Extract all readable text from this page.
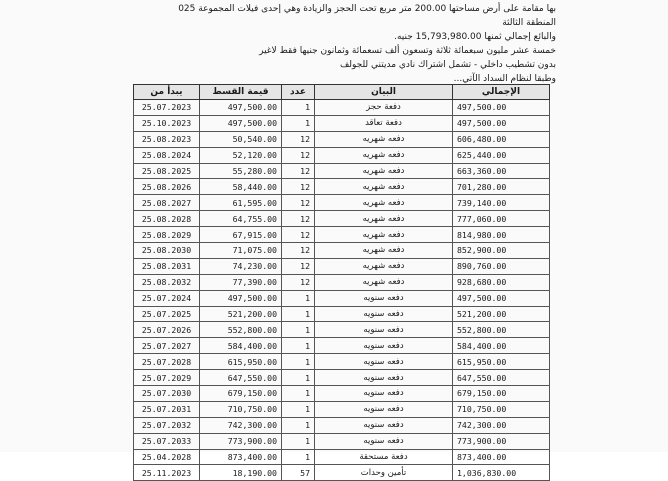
بها مقامة على أرض مساحتها 200.00 متر مربع تحت الحجز والزيادة وهي إحدى فيلات المجموعة 025
المنطقة الثالثة
والبائع إجمالي ثمنها 15,793,980.00 جنيه.
خمسة عشر مليون سبعمائة ثلاثة وتسعون ألف تسعمائة وثمانون جنيها فقط لاغير
بدون تشطيب داخلي - تشمل اشتراك نادي مديتني للجولف
وطبقا لنظام السداد الآتي...
يبدأ من	قيمة القسط	عدد	البيان	الإجمالي
25.07.2023	497,500.00	1	دفعة حجز	497,500.00
25.10.2023	497,500.00	1	دفعة تعاقد	497,500.00
25.08.2023	50,540.00	12	دفعه شهريه	606,480.00
25.08.2024	52,120.00	12	دفعه شهريه	625,440.00
25.08.2025	55,280.00	12	دفعه شهريه	663,360.00
25.08.2026	58,440.00	12	دفعه شهريه	701,280.00
25.08.2027	61,595.00	12	دفعه شهريه	739,140.00
25.08.2028	64,755.00	12	دفعه شهريه	777,060.00
25.08.2029	67,915.00	12	دفعه شهريه	814,980.00
25.08.2030	71,075.00	12	دفعه شهريه	852,900.00
25.08.2031	74,230.00	12	دفعه شهريه	890,760.00
25.08.2032	77,390.00	12	دفعه شهريه	928,680.00
25.07.2024	497,500.00	1	دفعه سنويه	497,500.00
25.07.2025	521,200.00	1	دفعه سنويه	521,200.00
25.07.2026	552,800.00	1	دفعه سنويه	552,800.00
25.07.2027	584,400.00	1	دفعه سنويه	584,400.00
25.07.2028	615,950.00	1	دفعه سنويه	615,950.00
25.07.2029	647,550.00	1	دفعه سنويه	647,550.00
25.07.2030	679,150.00	1	دفعه سنويه	679,150.00
25.07.2031	710,750.00	1	دفعه سنويه	710,750.00
25.07.2032	742,300.00	1	دفعه سنويه	742,300.00
25.07.2033	773,900.00	1	دفعه سنويه	773,900.00
25.04.2028	873,400.00	1	دفعة مستحقة	873,400.00
25.11.2023	18,190.00	57	تأمين وحدات	1,036,830.00
